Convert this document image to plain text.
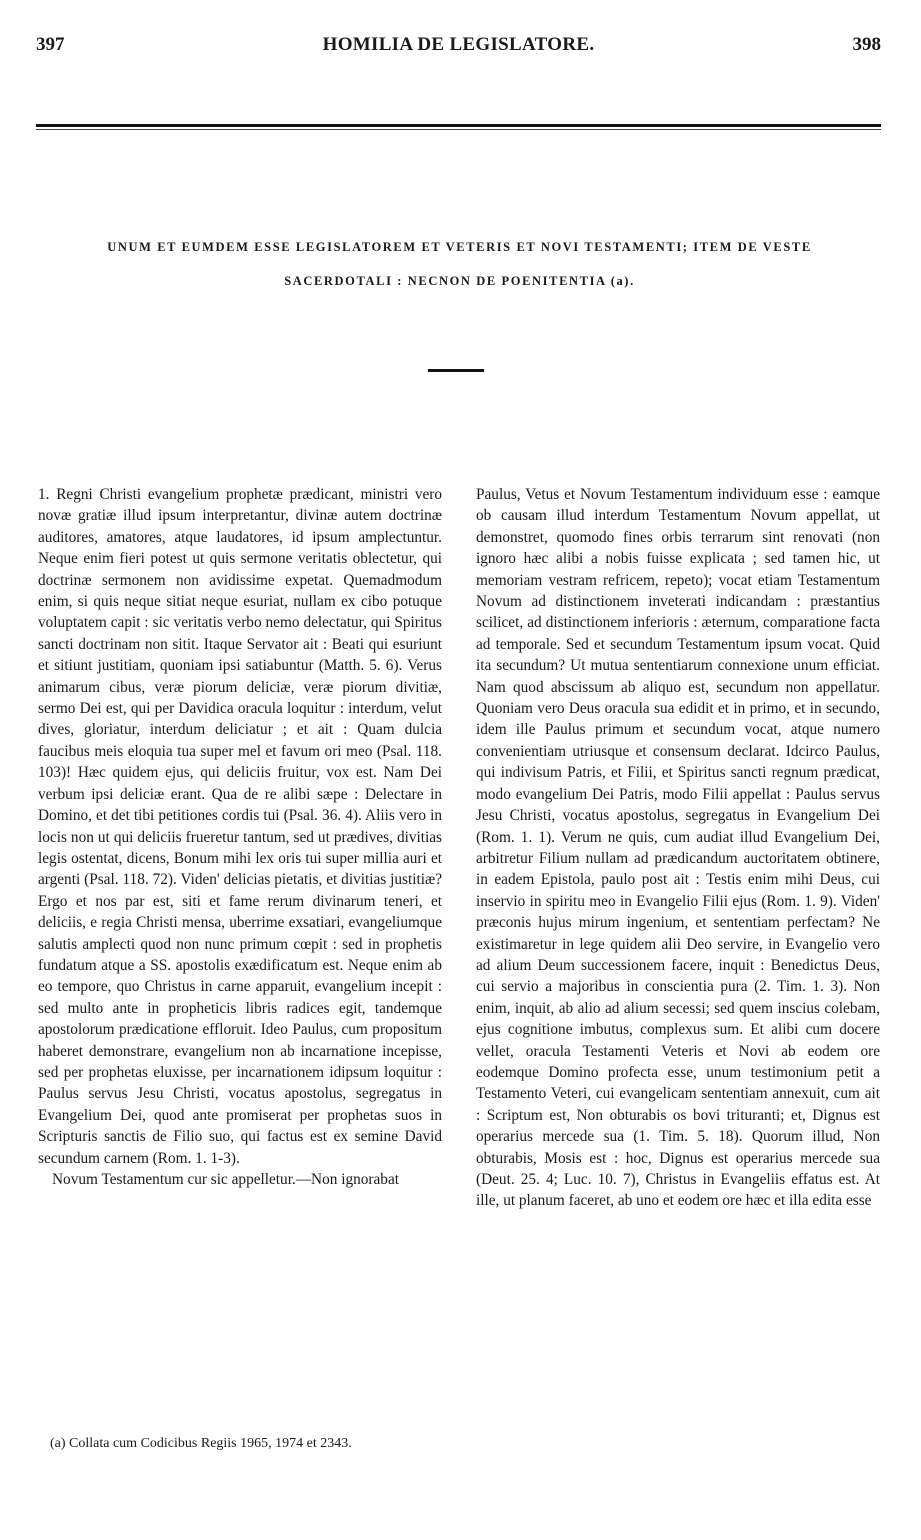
397	HOMILIA DE LEGISLATORE.	398
UNUM ET EUMDEM ESSE LEGISLATOREM ET VETERIS ET NOVI TESTAMENTI; ITEM DE VESTE
SACERDOTALI : NECNON DE POENITENTIA (a).

1. Regni Christi evangelium prophetæ prædicant, ministri vero novæ gratiæ illud ipsum interpretantur, divinæ autem doctrinæ auditores, amatores, atque laudatores, id ipsum amplectuntur. Neque enim fieri potest ut quis sermone veritatis oblectetur, qui doctrinæ sermonem non avidissime expetat. Quemadmodum enim, si quis neque sitiat neque esuriat, nullam ex cibo potuque voluptatem capit : sic veritatis verbo nemo delectatur, qui Spiritus sancti doctrinam non sitit. Itaque Servator ait : Beati qui esuriunt et sitiunt justitiam, quoniam ipsi satiabuntur (Matth. 5. 6). Verus animarum cibus, veræ piorum deliciæ, veræ piorum divitiæ, sermo Dei est, qui per Davidica oracula loquitur : interdum, velut dives, gloriatur, interdum deliciatur ; et ait : Quam dulcia faucibus meis eloquia tua super mel et favum ori meo (Psal. 118. 103)! Hæc quidem ejus, qui deliciis fruitur, vox est. Nam Dei verbum ipsi deliciæ erant. Qua de re alibi sæpe : Delectare in Domino, et det tibi petitiones cordis tui (Psal. 36. 4). Aliis vero in locis non ut qui deliciis frueretur tantum, sed ut prædives, divitias legis ostentat, dicens, Bonum mihi lex oris tui super millia auri et argenti (Psal. 118. 72). Viden' delicias pietatis, et divitias justitiæ? Ergo et nos par est, siti et fame rerum divinarum teneri, et deliciis, e regia Christi mensa, uberrime exsatiari, evangeliumque salutis amplecti quod non nunc primum cœpit : sed in prophetis fundatum atque a SS. apostolis exædificatum est. Neque enim ab eo tempore, quo Christus in carne apparuit, evangelium incepit : sed multo ante in propheticis libris radices egit, tandemque apostolorum prædicatione effloruit. Ideo Paulus, cum propositum haberet demonstrare, evangelium non ab incarnatione incepisse, sed per prophetas eluxisse, per incarnationem idipsum loquitur : Paulus servus Jesu Christi, vocatus apostolus, segregatus in Evangelium Dei, quod ante promiserat per prophetas suos in Scripturis sanctis de Filio suo, qui factus est ex semine David secundum carnem (Rom. 1. 1-3).

Novum Testamentum cur sic appelletur.—Non ignorabat

Paulus, Vetus et Novum Testamentum individuum esse : eamque ob causam illud interdum Testamentum Novum appellat, ut demonstret, quomodo fines orbis terrarum sint renovati (non ignoro hæc alibi a nobis fuisse explicata ; sed tamen hic, ut memoriam vestram refricem, repeto); vocat etiam Testamentum Novum ad distinctionem inveterati indicandam : præstantius scilicet, ad distinctionem inferioris : æternum, comparatione facta ad temporale. Sed et secundum Testamentum ipsum vocat. Quid ita secundum? Ut mutua sententiarum connexione unum efficiat. Nam quod abscissum ab aliquo est, secundum non appellatur. Quoniam vero Deus oracula sua edidit et in primo, et in secundo, idem ille Paulus primum et secundum vocat, atque numero convenientiam utriusque et consensum declarat. Idcirco Paulus, qui indivisum Patris, et Filii, et Spiritus sancti regnum prædicat, modo evangelium Dei Patris, modo Filii appellat : Paulus servus Jesu Christi, vocatus apostolus, segregatus in Evangelium Dei (Rom. 1. 1). Verum ne quis, cum audiat illud Evangelium Dei, arbitretur Filium nullam ad prædicandum auctoritatem obtinere, in eadem Epistola, paulo post ait : Testis enim mihi Deus, cui inservio in spiritu meo in Evangelio Filii ejus (Rom. 1. 9). Viden' præconis hujus mirum ingenium, et sententiam perfectam? Ne existimaretur in lege quidem alii Deo servire, in Evangelio vero ad alium Deum successionem facere, inquit : Benedictus Deus, cui servio a majoribus in conscientia pura (2. Tim. 1. 3). Non enim, inquit, ab alio ad alium secessi; sed quem inscius colebam, ejus cognitione imbutus, complexus sum. Et alibi cum docere vellet, oracula Testamenti Veteris et Novi ab eodem ore eodemque Domino profecta esse, unum testimonium petit a Testamento Veteri, cui evangelicam sententiam annexuit, cum ait : Scriptum est, Non obturabis os bovi trituranti; et, Dignus est operarius mercede sua (1. Tim. 5. 18). Quorum illud, Non obturabis, Mosis est : hoc, Dignus est operarius mercede sua (Deut. 25. 4; Luc. 10. 7), Christus in Evangeliis effatus est. At ille, ut planum faceret, ab uno et eodem ore hæc et illa edita esse

(a) Collata cum Codicibus Regiis 1965, 1974 et 2343.
